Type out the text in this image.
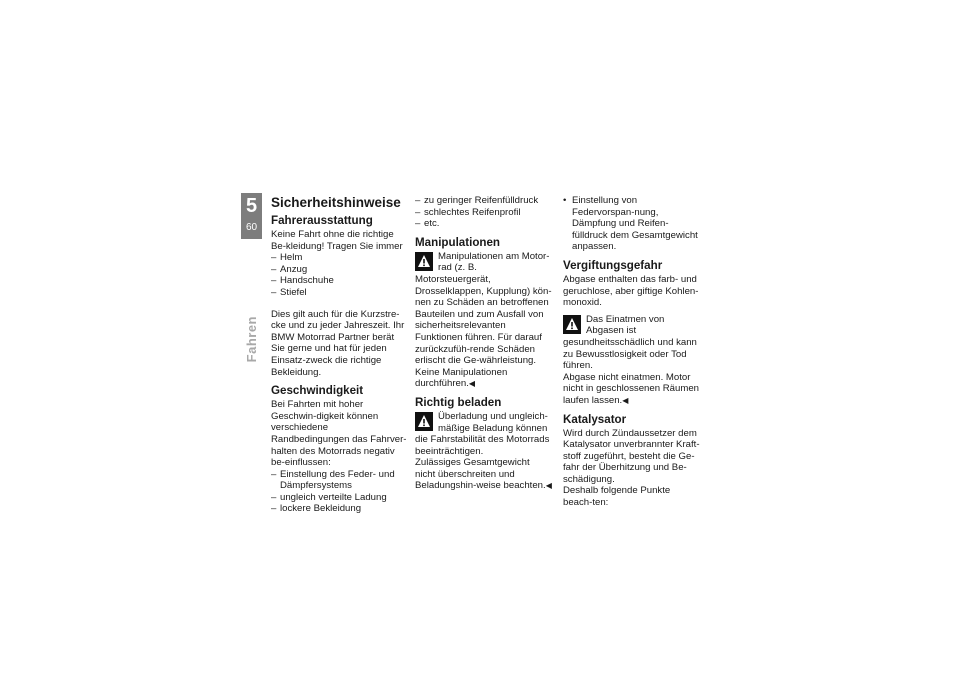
5
60
Fahren
Sicherheitshinweise
Fahrerausstattung

Keine Fahrt ohne die richtige Be-kleidung! Tragen Sie immer

– Helm
– Anzug
– Handschuhe
– Stiefel

Dies gilt auch für die Kurzstre-cke und zu jeder Jahreszeit. Ihr BMW Motorrad Partner berät Sie gerne und hat für jeden Einsatz-zweck die richtige Bekleidung.

Geschwindigkeit

Bei Fahrten mit hoher Geschwin-digkeit können verschiedene Randbedingungen das Fahrver-halten des Motorrads negativ be-einflussen:

– Einstellung des Feder- und Dämpfersystems
– ungleich verteilte Ladung
– lockere Bekleidung
– zu geringer Reifenfülldruck
– schlechtes Reifenprofil
– etc.
Manipulationen

Manipulationen am Motor-rad (z. B. Motorsteuergerät, Drosselklappen, Kupplung) kön-nen zu Schäden an betroffenen Bauteilen und zum Ausfall von sicherheitsrelevanten Funktionen führen. Für darauf zurückzufüh-rende Schäden erlischt die Ge-währleistung.

Keine Manipulationen durchführen.◀

Richtig beladen

Überladung und ungleich-mäßige Beladung können die Fahrstabilität des Motorrads beeinträchtigen.

Zulässiges Gesamtgewicht nicht überschreiten und Beladungshin-weise beachten.◀

• Einstellung von Federvorspan-nung, Dämpfung und Reifen-fülldruck dem Gesamtgewicht anpassen.
Vergiftungsgefahr

Abgase enthalten das farb- und geruchlose, aber giftige Kohlen-monoxid.

Das Einatmen von Abgasen ist gesundheitsschädlich und kann zu Bewusstlosigkeit oder Tod führen.

Abgase nicht einatmen. Motor nicht in geschlossenen Räumen laufen lassen.◀

Katalysator

Wird durch Zündaussetzer dem Katalysator unverbrannter Kraft-stoff zugeführt, besteht die Ge-fahr der Überhitzung und Be-schädigung.

Deshalb folgende Punkte beach-ten:
